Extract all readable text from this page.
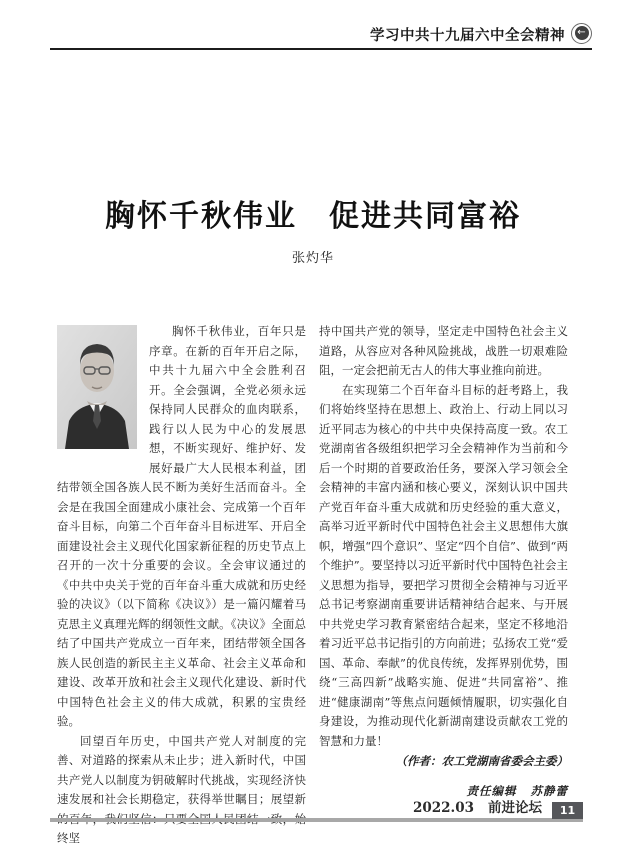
学习中共十九届六中全会精神 ←
胸怀千秋伟业　促进共同富裕
张灼华

胸怀千秋伟业，百年只是序章。在新的百年开启之际，中共十九届六中全会胜利召开。全会强调，全党必须永远保持同人民群众的血肉联系，践行以人民为中心的发展思想，不断实现好、维护好、发展好最广大人民根本利益，团结带领全国各族人民不断为美好生活而奋斗。全会是在我国全面建成小康社会、完成第一个百年奋斗目标，向第二个百年奋斗目标进军、开启全面建设社会主义现代化国家新征程的历史节点上召开的一次十分重要的会议。全会审议通过的《中共中央关于党的百年奋斗重大成就和历史经验的决议》（以下简称《决议》）是一篇闪耀着马克思主义真理光辉的纲领性文献。《决议》全面总结了中国共产党成立一百年来，团结带领全国各族人民创造的新民主主义革命、社会主义革命和建设、改革开放和社会主义现代化建设、新时代中国特色社会主义的伟大成就，积累的宝贵经验。

回望百年历史，中国共产党人对制度的完善、对道路的探索从未止步；进入新时代，中国共产党人以制度为钥破解时代挑战，实现经济快速发展和社会长期稳定，获得举世瞩目；展望新的百年，我们坚信：只要全国人民团结一致，始终坚

持中国共产党的领导，坚定走中国特色社会主义道路，从容应对各种风险挑战，战胜一切艰难险阻，一定会把前无古人的伟大事业推向前进。

在实现第二个百年奋斗目标的赶考路上，我们将始终坚持在思想上、政治上、行动上同以习近平同志为核心的中共中央保持高度一致。农工党湖南省各级组织把学习全会精神作为当前和今后一个时期的首要政治任务，要深入学习领会全会精神的丰富内涵和核心要义，深刻认识中国共产党百年奋斗重大成就和历史经验的重大意义，高举习近平新时代中国特色社会主义思想伟大旗帜，增强“四个意识”、坚定“四个自信”、做到“两个维护”。要坚持以习近平新时代中国特色社会主义思想为指导，要把学习贯彻全会精神与习近平总书记考察湖南重要讲话精神结合起来、与开展中共党史学习教育紧密结合起来，坚定不移地沿着习近平总书记指引的方向前进；弘扬农工党“爱国、革命、奉献”的优良传统，发挥界别优势，围绕“三高四新”战略实施、促进“共同富裕”、推进“健康湖南”等焦点问题倾情履职，切实强化自身建设，为推动现代化新湖南建设贡献农工党的智慧和力量！

（作者：农工党湖南省委会主委）

责任编辑 苏静蕾
2022.03 前进论坛	11
